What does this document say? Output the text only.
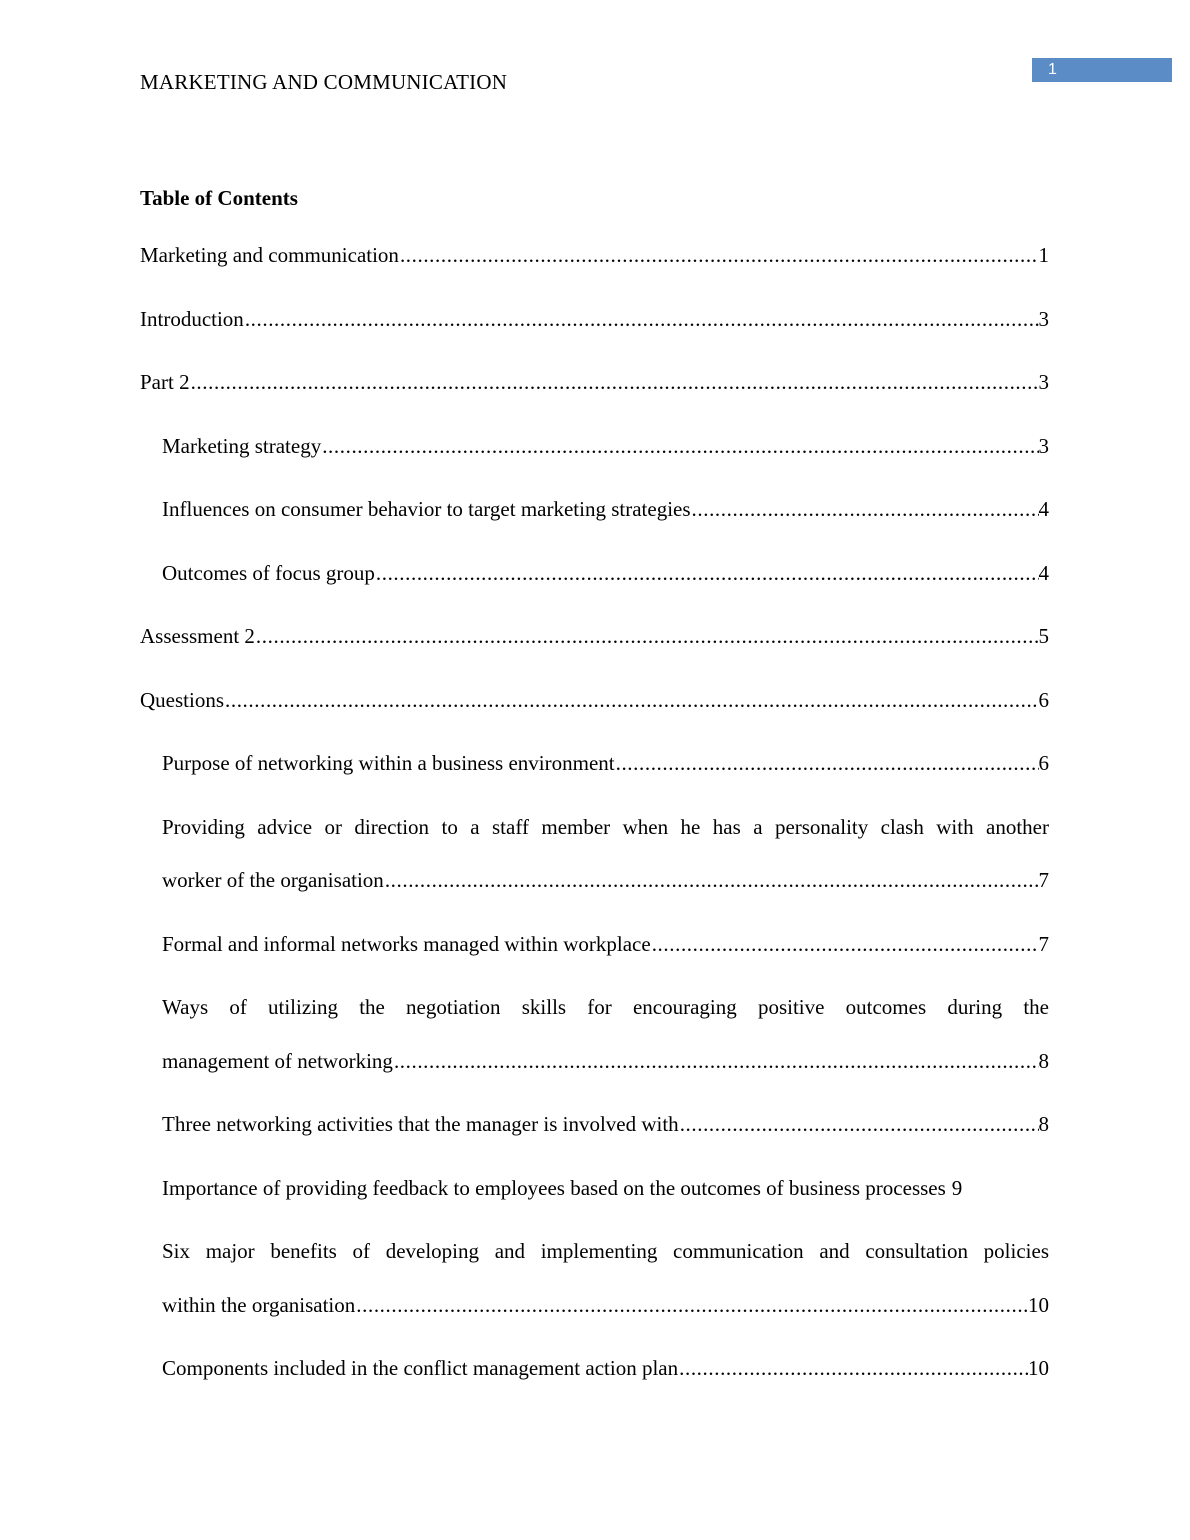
MARKETING AND COMMUNICATION
1
Table of Contents
Marketing and communication .....	1
Introduction .....	3
Part 2 .....	3
Marketing strategy .....	3
Influences on consumer behavior to target marketing strategies .....	4
Outcomes of focus group .....	4
Assessment 2 .....	5
Questions .....	6
Purpose of networking within a business environment .....	6
Providing advice or direction to a staff member when he has a personality clash with another
worker of the organisation .....	7
Formal and informal networks managed within workplace .....	7
Ways of utilizing the negotiation skills for encouraging positive outcomes during the
management of networking .....	8
Three networking activities that the manager is involved with .....	8
Importance of providing feedback to employees based on the outcomes of business processes 9
Six major benefits of developing and implementing communication and consultation policies
within the organisation .....	10
Components included in the conflict management action plan .....	10
